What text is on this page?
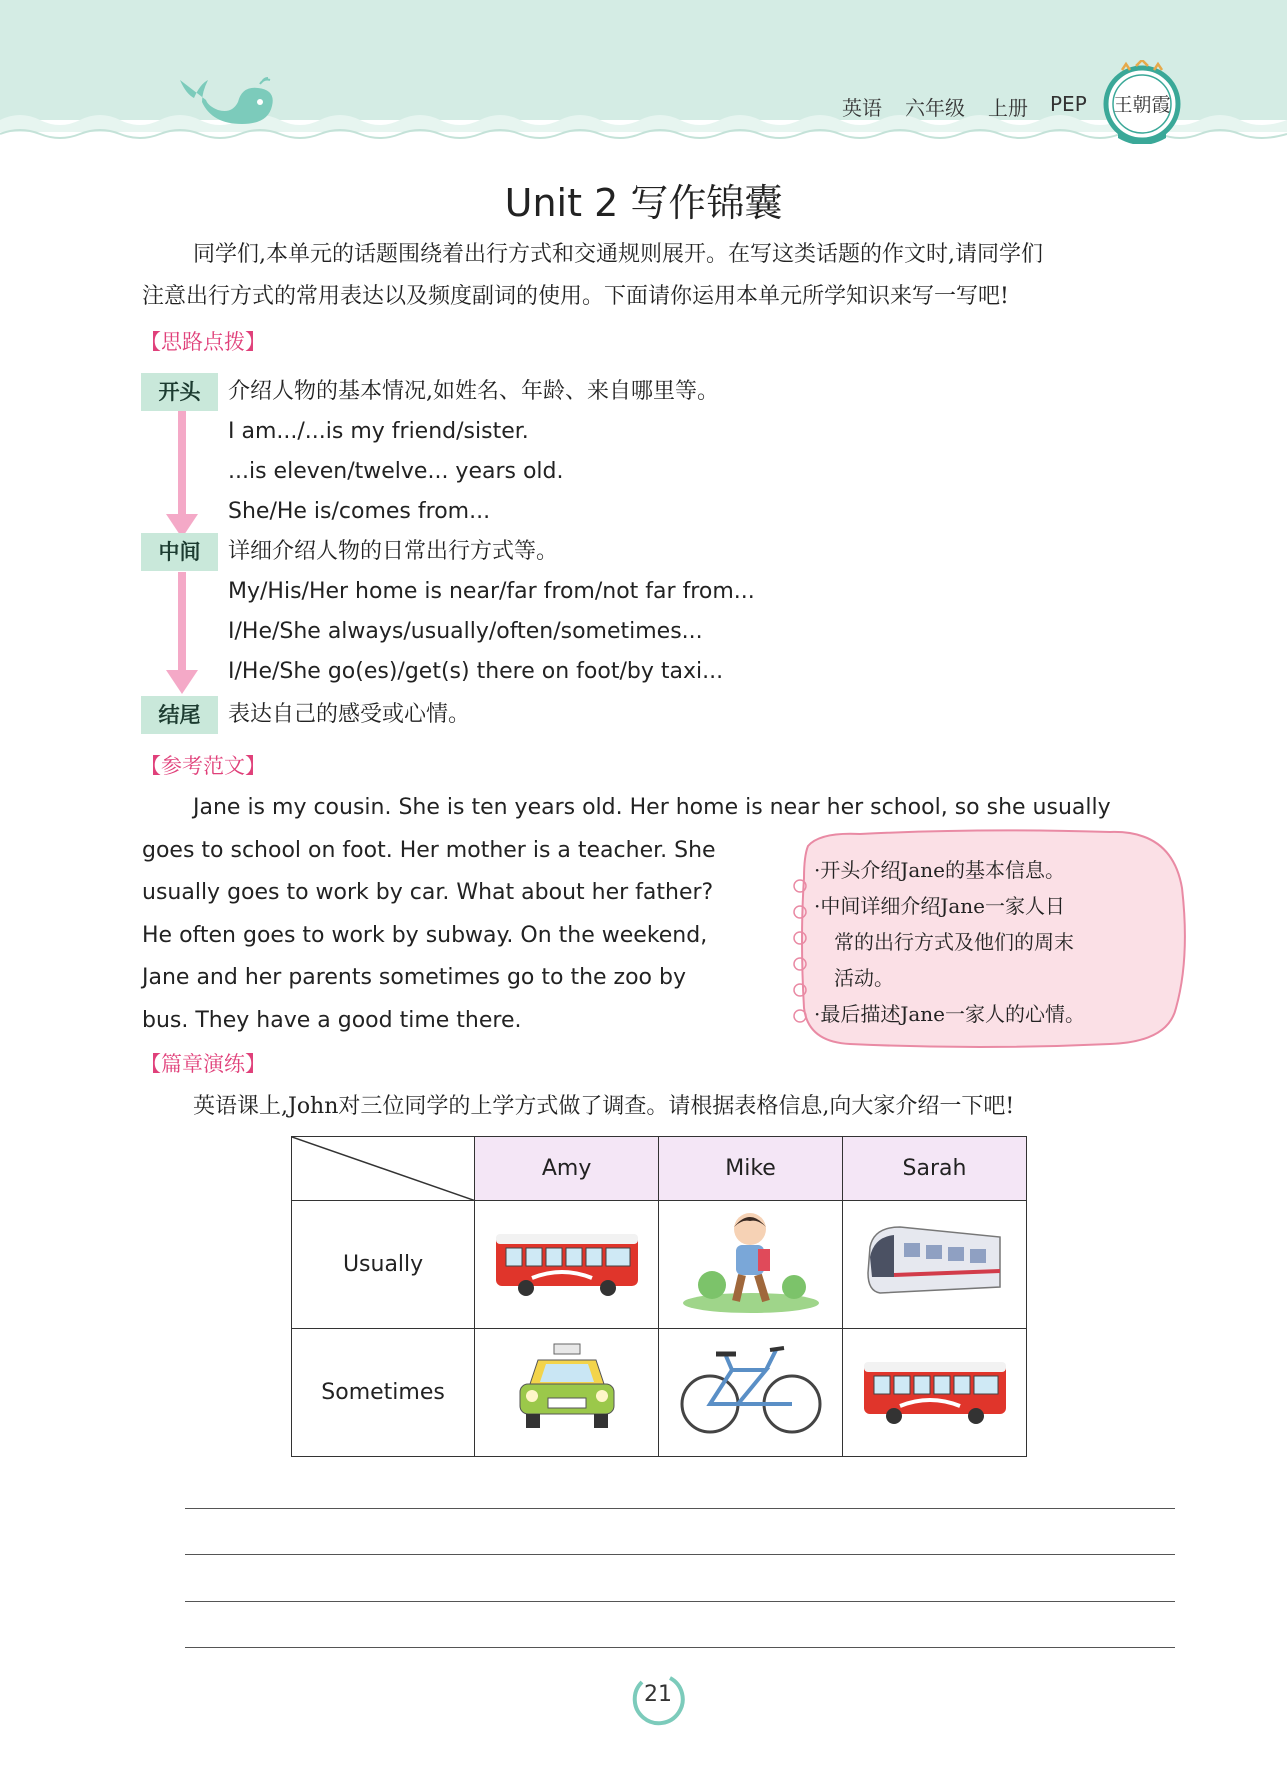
英语 六年级 上册 PEP 王朝霞
Unit 2 写作锦囊
同学们,本单元的话题围绕着出行方式和交通规则展开。在写这类话题的作文时,请同学们
注意出行方式的常用表达以及频度副词的使用。下面请你运用本单元所学知识来写一写吧!
【思路点拨】
开头	介绍人物的基本情况,如姓名、年龄、来自哪里等。
I am.../...is my friend/sister.
...is eleven/twelve... years old.
She/He is/comes from...
中间	详细介绍人物的日常出行方式等。
My/His/Her home is near/far from/not far from...
I/He/She always/usually/often/sometimes...
I/He/She go(es)/get(s) there on foot/by taxi...
结尾	表达自己的感受或心情。
【参考范文】
Jane is my cousin. She is ten years old. Her home is near her school, so she usually
goes to school on foot. Her mother is a teacher. She
usually goes to work by car. What about her father?
He often goes to work by subway. On the weekend,
Jane and her parents sometimes go to the zoo by
bus. They have a good time there.
·开头介绍Jane的基本信息。
·中间详细介绍Jane一家人日
常的出行方式及他们的周末
活动。
·最后描述Jane一家人的心情。
【篇章演练】
英语课上,John对三位同学的上学方式做了调查。请根据表格信息,向大家介绍一下吧!
	Amy	Mike	Sarah
Usually			
Sometimes			
21
